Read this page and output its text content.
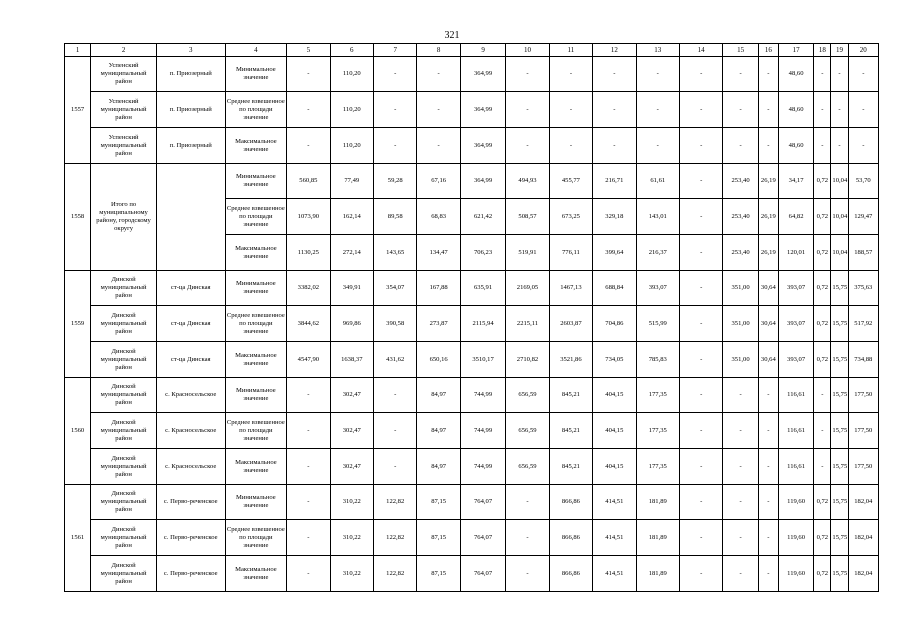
321
1	2	3	4	5	6	7	8	9	10	11	12	13	14	15	16	17	18	19	20
1557	Успенский муниципальный район	п. Приозерный	Минимальное значение	-	110,20	-	-	364,99	-	-	-	-	-	-	-	48,60	-	-	-
	Успенский муниципальный район	п. Приозерный	Среднее взвешенное по площади значение	-	110,20	-	-	364,99	-	-	-	-	-	-	-	48,60	-	-	-
	Успенский муниципальный район	п. Приозерный	Максимальное значение	-	110,20	-	-	364,99	-	-	-	-	-	-	-	48,60	-	-	-
1558	Итого по муниципальному району, городскому округу		Минимальное значение	560,85	77,49	59,28	67,16	364,99	494,93	455,77	216,71	61,61	-	253,40	26,19	34,17	0,72	10,04	53,70
			Среднее взвешенное по площади значение	1073,90	162,14	89,58	68,83	621,42	508,57	673,25	329,18	143,01	-	253,40	26,19	64,82	0,72	10,04	129,47
			Максимальное значение	1130,25	272,14	143,65	134,47	706,23	519,91	776,11	399,64	216,37	-	253,40	26,19	120,01	0,72	10,04	188,57
1559	Динской муниципальный район	ст-ца Динская	Минимальное значение	3382,02	349,91	354,07	167,88	635,91	2169,05	1467,13	688,84	393,07	-	351,00	30,64	393,07	0,72	15,75	375,63
	Динской муниципальный район	ст-ца Динская	Среднее взвешенное по площади значение	3844,62	969,86	390,58	273,87	2115,94	2215,11	2603,87	704,86	515,99	-	351,00	30,64	393,07	0,72	15,75	517,92
	Динской муниципальный район	ст-ца Динская	Максимальное значение	4547,90	1638,37	431,62	650,16	3510,17	2710,82	3521,86	734,05	785,83	-	351,00	30,64	393,07	0,72	15,75	734,88
1560	Динской муниципальный район	с. Красносельское	Минимальное значение	-	302,47	-	84,97	744,99	656,59	845,21	404,15	177,35	-	-	-	116,61	-	15,75	177,50
	Динской муниципальный район	с. Красносельское	Среднее взвешенное по площади значение	-	302,47	-	84,97	744,99	656,59	845,21	404,15	177,35	-	-	-	116,61	-	15,75	177,50
	Динской муниципальный район	с. Красносельское	Максимальное значение	-	302,47	-	84,97	744,99	656,59	845,21	404,15	177,35	-	-	-	116,61	-	15,75	177,50
1561	Динской муниципальный район	с. Перво-реченское	Минимальное значение	-	310,22	122,82	87,15	764,07	-	866,86	414,51	181,89	-	-	-	119,60	0,72	15,75	182,04
	Динской муниципальный район	с. Перво-реченское	Среднее взвешенное по площади значение	-	310,22	122,82	87,15	764,07	-	866,86	414,51	181,89	-	-	-	119,60	0,72	15,75	182,04
	Динской муниципальный район	с. Перво-реченское	Максимальное значение	-	310,22	122,82	87,15	764,07	-	866,86	414,51	181,89	-	-	-	119,60	0,72	15,75	182,04
